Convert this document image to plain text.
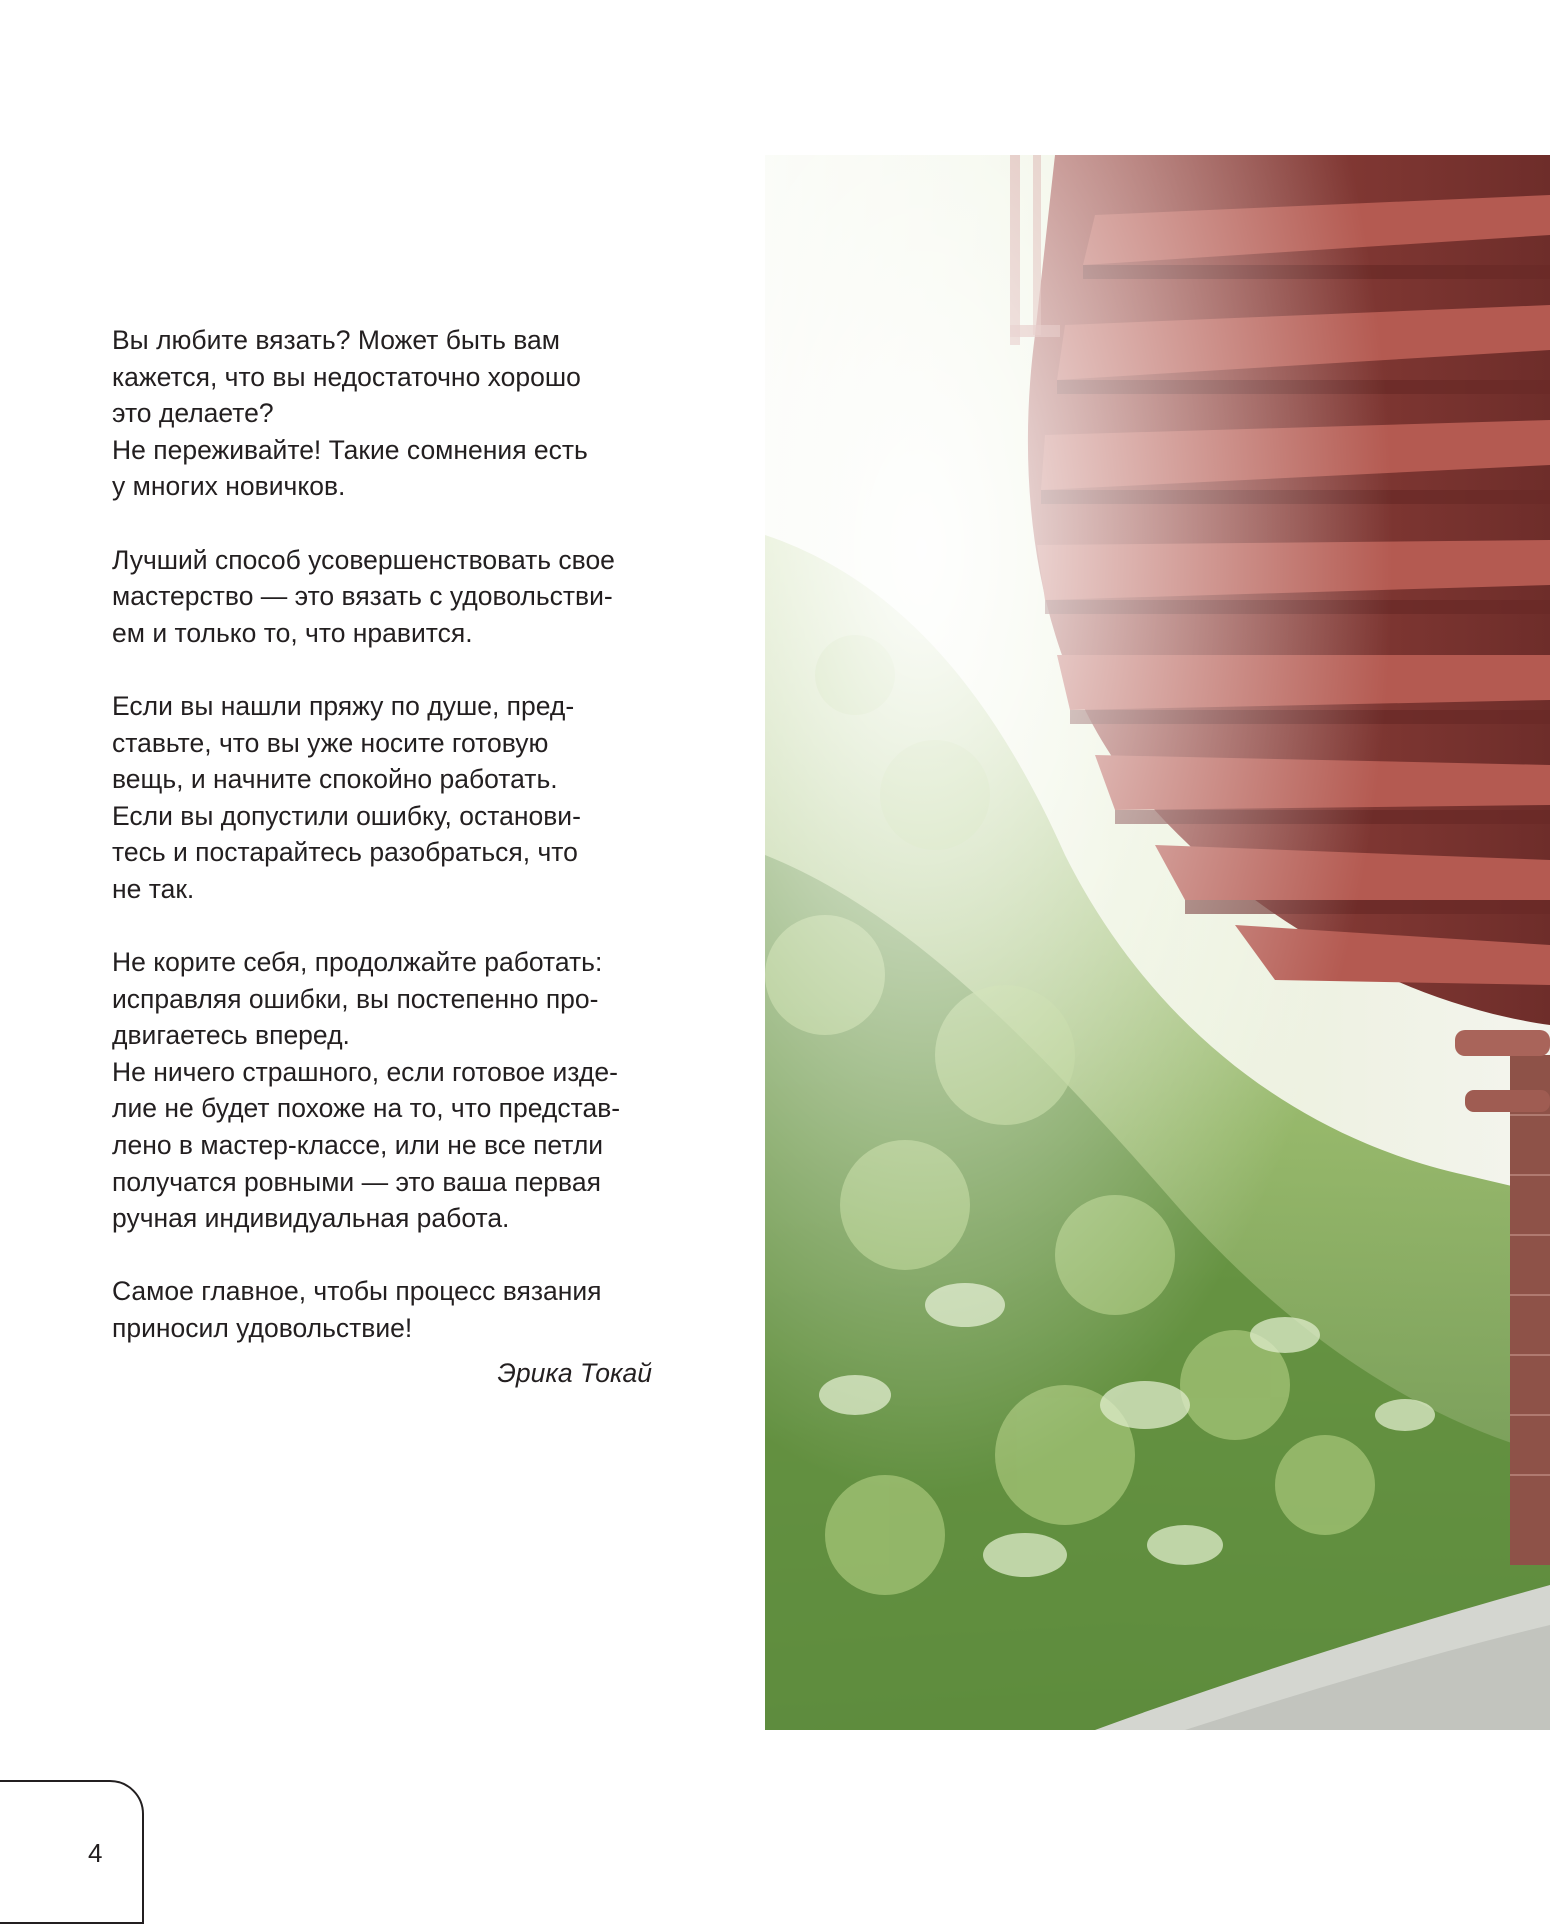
Вы любите вязать? Может быть вам
кажется, что вы недостаточно хорошо
это делаете?
Не переживайте! Такие сомнения есть
у многих новичков.
Лучший способ усовершенствовать свое
мастерство — это вязать с удовольстви-
ем и только то, что нравится.
Если вы нашли пряжу по душе, пред-
ставьте, что вы уже носите готовую
вещь, и начните спокойно работать.
Если вы допустили ошибку, останови-
тесь и постарайтесь разобраться, что
не так.
Не корите себя, продолжайте работать:
исправляя ошибки, вы постепенно про-
двигаетесь вперед.
Не ничего страшного, если готовое изде-
лие не будет похоже на то, что представ-
лено в мастер-классе, или не все петли
получатся ровными — это ваша первая
ручная индивидуальная работа.
Самое главное, чтобы процесс вязания
приносил удовольствие!
Эрика Токай
4
